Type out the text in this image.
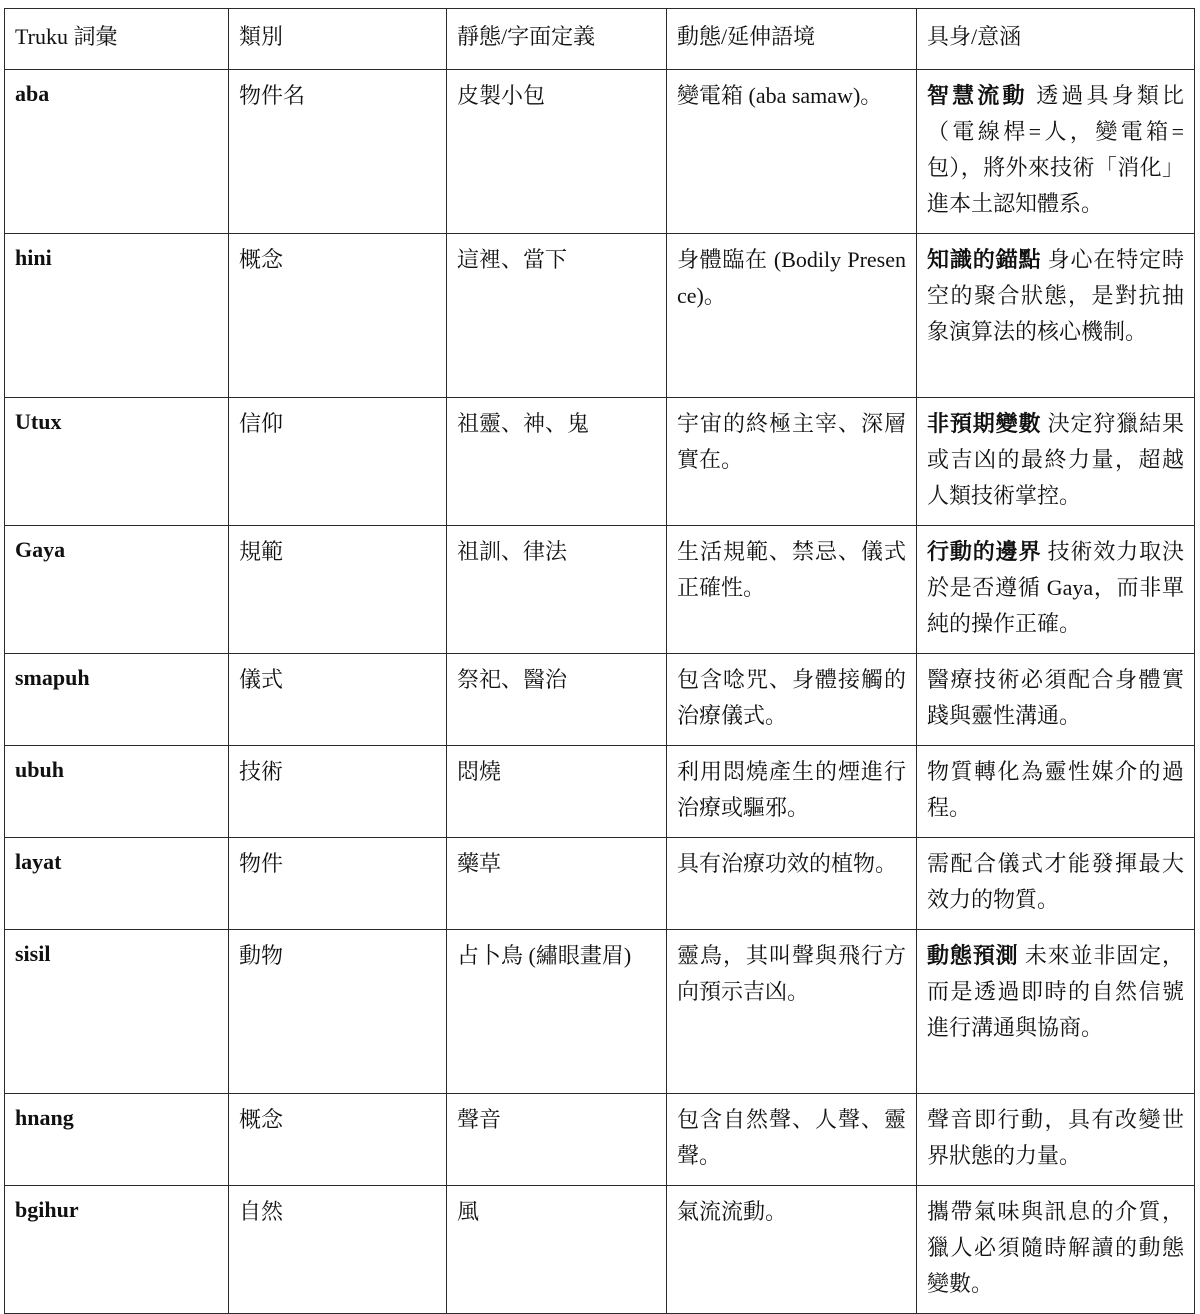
Truku 詞彙	類別	靜態/字面定義	動態/延伸語境	具身/意涵
aba	物件名	皮製小包	變電箱 (aba samaw)。	智慧流動 透過具身類比（電線桿=人，變電箱=包），將外來技術「消化」進本土認知體系。
hini	概念	這裡、當下	身體臨在 (Bodily Presence)。	知識的錨點 身心在特定時空的聚合狀態，是對抗抽象演算法的核心機制。
Utux	信仰	祖靈、神、鬼	宇宙的終極主宰、深層實在。	非預期變數 決定狩獵結果或吉凶的最終力量，超越人類技術掌控。
Gaya	規範	祖訓、律法	生活規範、禁忌、儀式正確性。	行動的邊界 技術效力取決於是否遵循 Gaya，而非單純的操作正確。
smapuh	儀式	祭祀、醫治	包含唸咒、身體接觸的治療儀式。	醫療技術必須配合身體實踐與靈性溝通。
ubuh	技術	悶燒	利用悶燒產生的煙進行治療或驅邪。	物質轉化為靈性媒介的過程。
layat	物件	藥草	具有治療功效的植物。	需配合儀式才能發揮最大效力的物質。
sisil	動物	占卜鳥 (繡眼畫眉)	靈鳥，其叫聲與飛行方向預示吉凶。	動態預測 未來並非固定，而是透過即時的自然信號進行溝通與協商。
hnang	概念	聲音	包含自然聲、人聲、靈聲。	聲音即行動，具有改變世界狀態的力量。
bgihur	自然	風	氣流流動。	攜帶氣味與訊息的介質，獵人必須隨時解讀的動態變數。
